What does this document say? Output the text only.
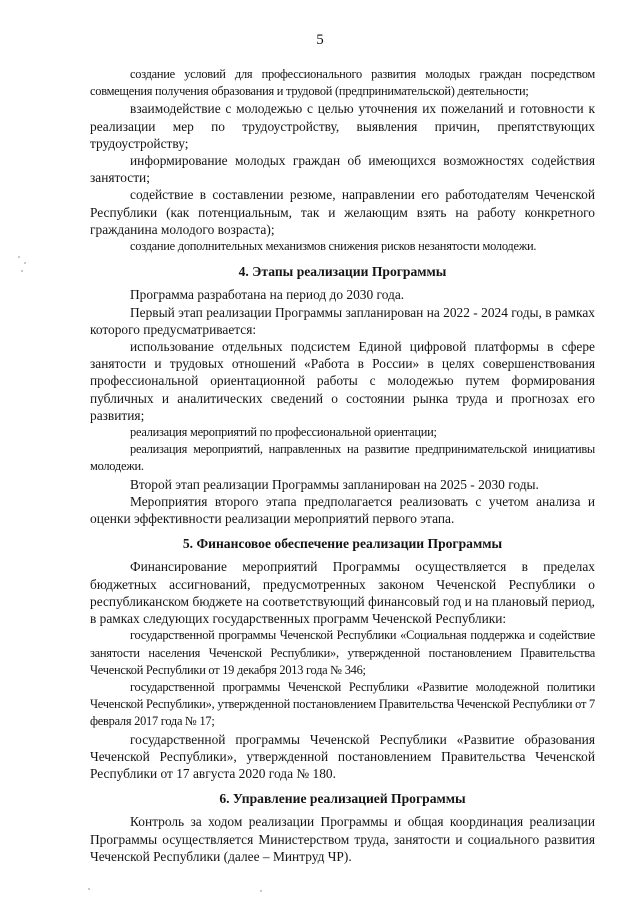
5

создание условий для профессионального развития молодых граждан посредством совмещения получения образования и трудовой (предпринимательской) деятельности;

взаимодействие с молодежью с целью уточнения их пожеланий и готовности к реализации мер по трудоустройству, выявления причин, препятствующих трудоустройству;

информирование молодых граждан об имеющихся возможностях содействия занятости;

содействие в составлении резюме, направлении его работодателям Чеченской Республики (как потенциальным, так и желающим взять на работу конкретного гражданина молодого возраста);

создание дополнительных механизмов снижения рисков незанятости молодежи.

4. Этапы реализации Программы

Программа разработана на период до 2030 года.

Первый этап реализации Программы запланирован на 2022 - 2024 годы, в рамках которого предусматривается:

использование отдельных подсистем Единой цифровой платформы в сфере занятости и трудовых отношений «Работа в России» в целях совершенствования профессиональной ориентационной работы с молодежью путем формирования публичных и аналитических сведений о состоянии рынка труда и прогнозах его развития;

реализация мероприятий по профессиональной ориентации;

реализация мероприятий, направленных на развитие предпринимательской инициативы молодежи.

Второй этап реализации Программы запланирован на 2025 - 2030 годы.

Мероприятия второго этапа предполагается реализовать с учетом анализа и оценки эффективности реализации мероприятий первого этапа.

5. Финансовое обеспечение реализации Программы

Финансирование мероприятий Программы осуществляется в пределах бюджетных ассигнований, предусмотренных законом Чеченской Республики о республиканском бюджете на соответствующий финансовый год и на плановый период, в рамках следующих государственных программ Чеченской Республики:

государственной программы Чеченской Республики «Социальная поддержка и содействие занятости населения Чеченской Республики», утвержденной постановлением Правительства Чеченской Республики от 19 декабря 2013 года № 346;

государственной программы Чеченской Республики «Развитие молодежной политики Чеченской Республики», утвержденной постановлением Правительства Чеченской Республики от 7 февраля 2017 года № 17;

государственной программы Чеченской Республики «Развитие образования Чеченской Республики», утвержденной постановлением Правительства Чеченской Республики от 17 августа 2020 года № 180.

6. Управление реализацией Программы

Контроль за ходом реализации Программы и общая координация реализации Программы осуществляется Министерством труда, занятости и социального развития Чеченской Республики (далее – Минтруд ЧР).
